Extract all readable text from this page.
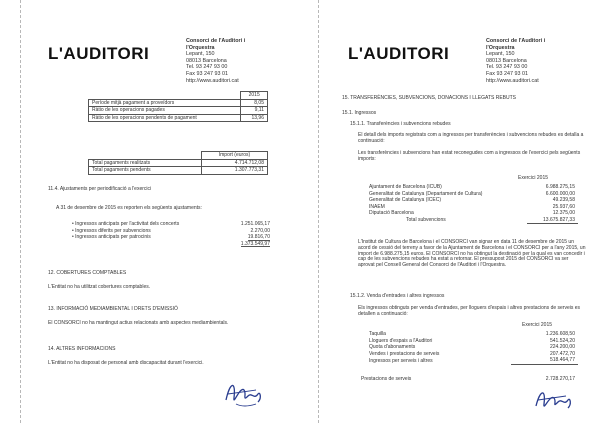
L'AUDITORI
Consorci de l'Auditori i
l'Orquestra
Lepant, 150
08013 Barcelona
Tel. 93 247 93 00
Fax 93 247 93 01
http://www.auditori.cat
	2015
Període mitjà pagament a proveïdors	8,05
Ràtio de les operacions pagades	9,11
Ràtio de les operacions pendents de pagament	13,96
	Import (euros)
Total pagaments realitzats	4.714.712,08
Total pagaments pendents	1.307.773,31
11.4. Ajustaments per periodificació a l'exercici
A 31 de desembre de 2015 es reporten els següents ajustaments:
• Ingressos anticipats per l'activitat dels concerts	1.251.065,17
• Ingressos diferits per subvencions	2.270,00
• Ingressos anticipats per patrocinis	19.816,70
1.373.549,97
12. COBERTURES COMPTABLES
L'Entitat no ha utilitzat cobertures comptables.
13. INFORMACIÓ MEDIAMBIENTAL I DRETS D'EMISSIÓ
El CONSORCI no ha mantingut actius relacionats amb aspectes mediambientals.
14. ALTRES INFORMACIONS
L'Entitat no ha disposat de personal amb discapacitat durant l'exercici.
L'AUDITORI
Consorci de l'Auditori i
l'Orquestra
Lepant, 150
08013 Barcelona
Tel. 93 247 93 00
Fax 93 247 93 01
http://www.auditori.cat
15. TRANSFERÈNCIES, SUBVENCIONS, DONACIONS I LLEGATS REBUTS
15.1. Ingressos
15.1.1. Transferències i subvencions rebudes
El detall dels imports registrats com a ingressos per transferències i subvencions rebudes es detalla a continuació:
Les transferències i subvencions han estat reconegudes com a ingressos de l'exercici pels següents imports:
Exercici 2015
Ajuntament de Barcelona (ICUB)	6.988.275,15
Generalitat de Catalunya (Departament de Cultura)	6.600.000,00
Generalitat de Catalunya (ICEC)	49.239,58
INAEM	25.937,60
Diputació Barcelona	12.375,00
Total subvencions	13.675.827,33
L'Institut de Cultura de Barcelona i el CONSORCI van signar en data 11 de desembre de 2015 un acord de cessió del terreny a favor de la Ajuntament de Barcelona i el CONSORCI per a l'any 2015, un import de 6.988.275,15 euros. El CONSORCI no ha obtingut la destinació per la qual es van concedir i cap de les subvencions rebudes ha estat a retornar. El pressupost 2015 del CONSORCI va ser aprovat pel Consell General del Consorci de l'Auditori i l'Orquestra.
15.1.2. Venda d'entrades i altres ingressos
Els ingressos obtinguts per venda d'entrades, per lloguers d'espais i altres prestacions de serveis es detallen a continuació:
Exercici 2015
Taquilla	1.236.608,50
Lloguers d'espais a l'Auditori	541.524,20
Quota d'abonaments	224.200,00
Vendes i prestacions de serveis	207.472,70
Ingressos per serveis i altres	518.464,77
Prestacions de serveis	2.728.270,17
